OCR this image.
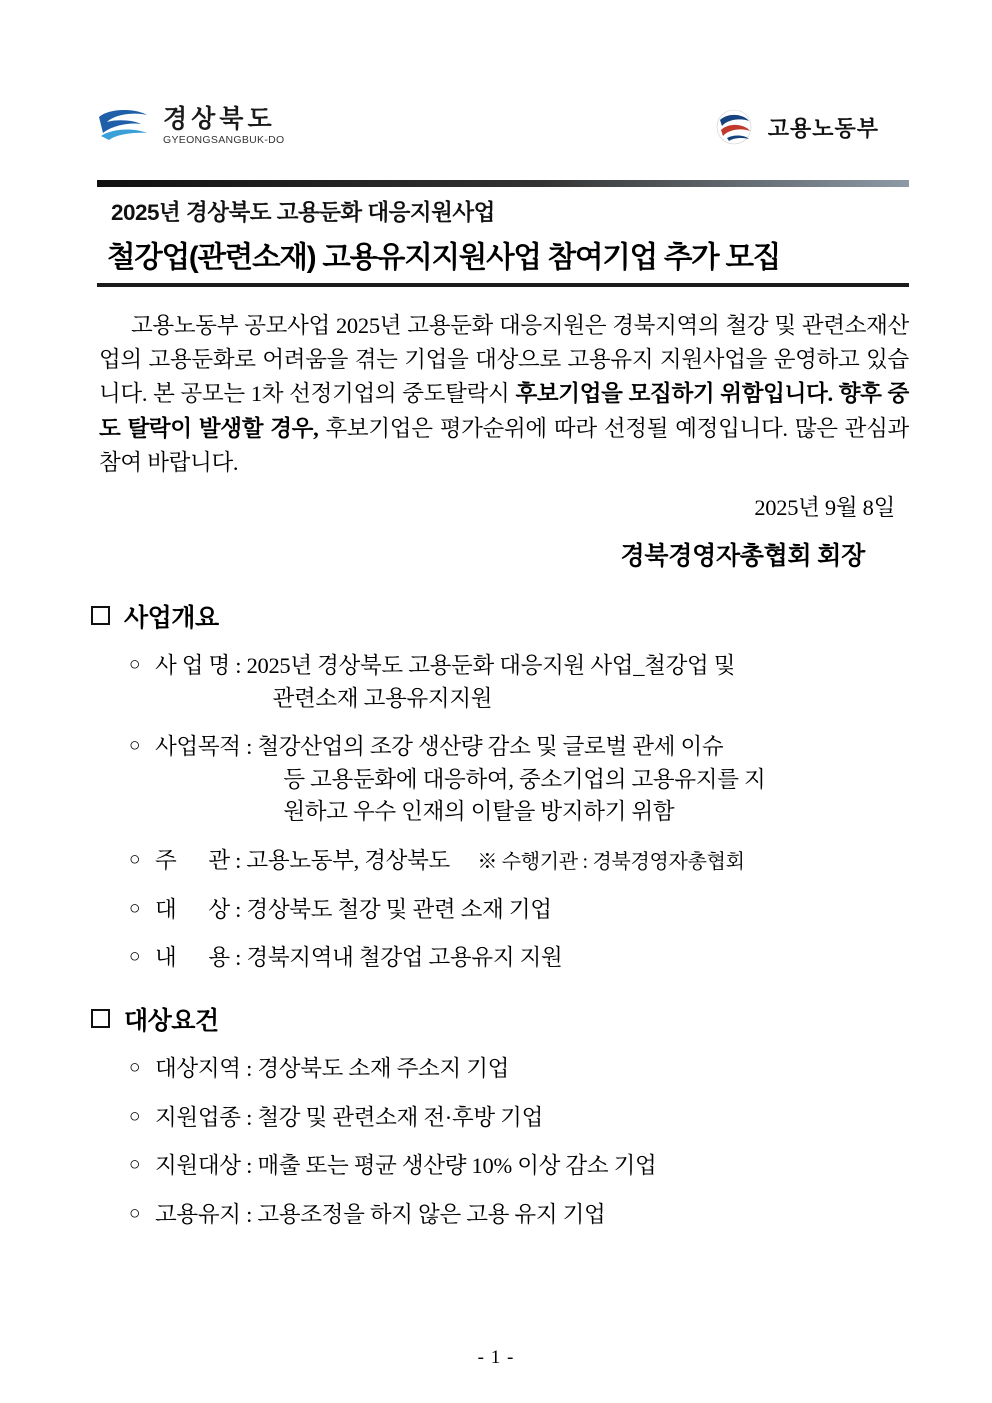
경상북도
GYEONGSANGBUK-DO	고용노동부
2025년 경상북도 고용둔화 대응지원사업
철강업(관련소재) 고용유지지원사업 참여기업 추가 모집

고용노동부 공모사업 2025년 고용둔화 대응지원은 경북지역의 철강 및 관련소재산업의 고용둔화로 어려움을 겪는 기업을 대상으로 고용유지 지원사업을 운영하고 있습니다. 본 공모는 1차 선정기업의 중도탈락시 후보기업을 모집하기 위함입니다. 향후 중도 탈락이 발생할 경우, 후보기업은 평가순위에 따라 선정될 예정입니다. 많은 관심과 참여 바랍니다.

2025년 9월 8일
경북경영자총협회 회장
사업개요
○ 사 업 명 : 2025년 경상북도 고용둔화 대응지원 사업_철강업 및
관련소재 고용유지지원
○ 사업목적 : 철강산업의 조강 생산량 감소 및 글로벌 관세 이슈
등 고용둔화에 대응하여, 중소기업의 고용유지를 지
원하고 우수 인재의 이탈을 방지하기 위함
○ 주      관 : 고용노동부, 경상북도 ※ 수행기관 : 경북경영자총협회
○ 대      상 : 경상북도 철강 및 관련 소재 기업
○ 내      용 : 경북지역내 철강업 고용유지 지원
대상요건
○ 대상지역 : 경상북도 소재 주소지 기업
○ 지원업종 : 철강 및 관련소재 전·후방 기업
○ 지원대상 : 매출 또는 평균 생산량 10% 이상 감소 기업
○ 고용유지 : 고용조정을 하지 않은 고용 유지 기업
- 1 -
